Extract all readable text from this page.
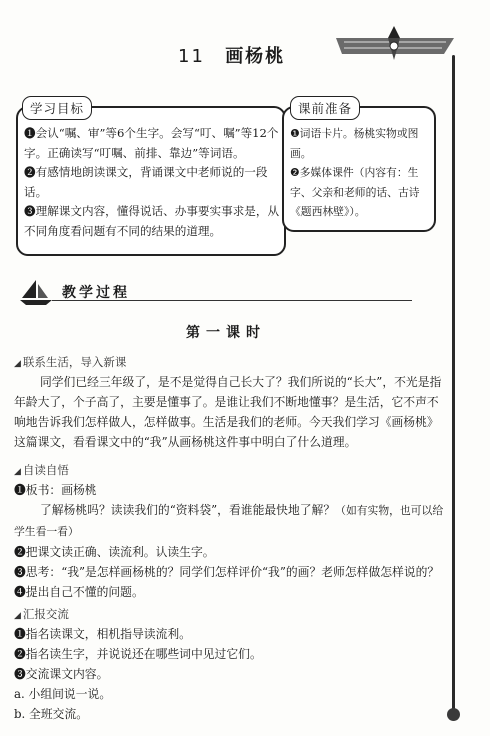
11 画杨桃
学习目标
❶会认“嘱、审”等6个生字。会写“叮、嘱”等12个字。正确读写“叮嘱、前排、靠边”等词语。
❷有感情地朗读课文，背诵课文中老师说的一段话。
❸理解课文内容，懂得说话、办事要实事求是，从不同角度看问题有不同的结果的道理。
课前准备
❶词语卡片。杨桃实物或图画。
❷多媒体课件（内容有：生字、父亲和老师的话、古诗《题西林壁》）。
教学过程
第一课时
◢ 联系生活，导入新课

同学们已经三年级了，是不是觉得自己长大了？我们所说的“长大”，不光是指年龄大了，个子高了，主要是懂事了。是谁让我们不断地懂事？是生活，它不声不响地告诉我们怎样做人，怎样做事。生活是我们的老师。今天我们学习《画杨桃》这篇课文，看看课文中的“我”从画杨桃这件事中明白了什么道理。

◢ 自读自悟

❶板书：画杨桃

了解杨桃吗？读读我们的“资料袋”，看谁能最快地了解？（如有实物，也可以给学生看一看）

❷把课文读正确、读流利。认读生字。

❸思考：“我”是怎样画杨桃的？同学们怎样评价“我”的画？老师怎样做怎样说的？

❹提出自己不懂的问题。

◢ 汇报交流

❶指名读课文，相机指导读流利。

❷指名读生字，并说说还在哪些词中见过它们。

❸交流课文内容。

a. 小组间说一说。

b. 全班交流。
